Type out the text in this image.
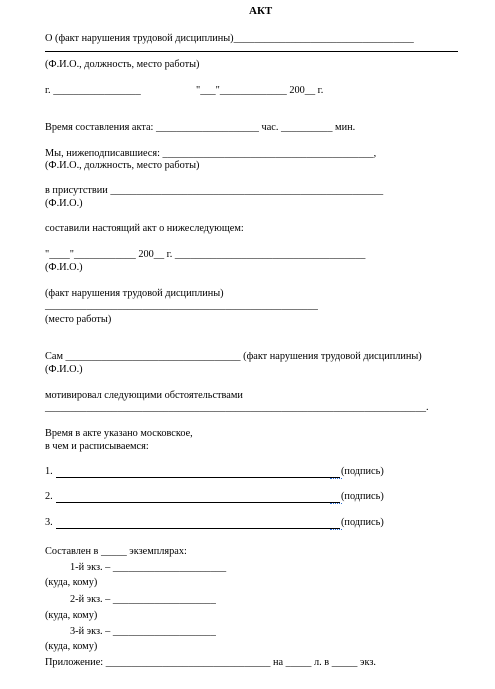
АКТ
О (факт нарушения трудовой дисциплины)___________________________________
(Ф.И.О., должность, место работы)
г. _________________	"___"_____________ 200__ г.
Время составления акта: ____________________ час. __________ мин.
Мы, нижеподписавшиеся: _________________________________________,
(Ф.И.О., должность, место работы)
в присутствии _____________________________________________________
(Ф.И.О.)
составили настоящий акт о нижеследующем:
"____"____________ 200__ г. _____________________________________
(Ф.И.О.)
(факт нарушения трудовой дисциплины)
_____________________________________________________
(место работы)
Сам __________________________________ (факт нарушения трудовой дисциплины)
(Ф.И.О.)
мотивировал следующими обстоятельствами
__________________________________________________________________________.
Время в акте указано московское,
в чем и расписываемся:
1.	(подпись)
2.	(подпись)
3.	(подпись)
Составлен в _____ экземплярах:
1-й экз. – ______________________
(куда, кому)
2-й экз. – ____________________
(куда, кому)
3-й экз. – ____________________
(куда, кому)
Приложение: ________________________________ на _____ л. в _____ экз.
